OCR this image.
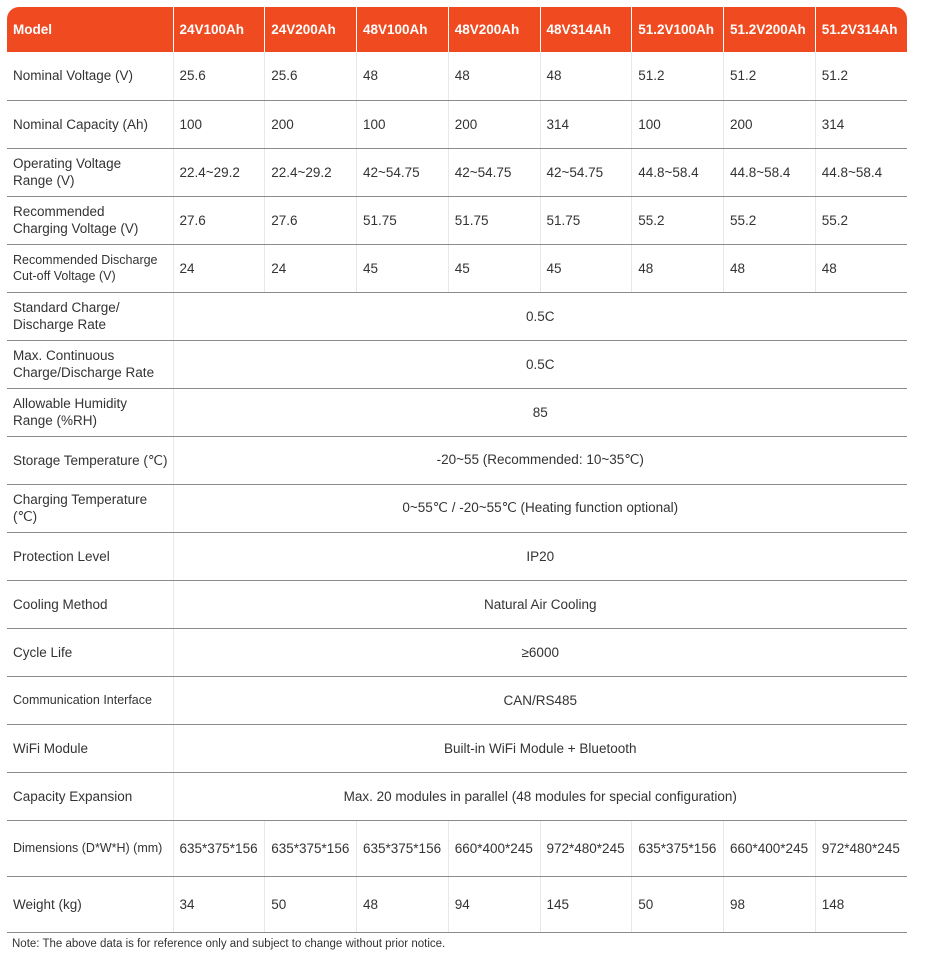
Model	24V100Ah	24V200Ah	48V100Ah	48V200Ah	48V314Ah	51.2V100Ah	51.2V200Ah	51.2V314Ah
Nominal Voltage (V)	25.6	25.6	48	48	48	51.2	51.2	51.2
Nominal Capacity (Ah)	100	200	100	200	314	100	200	314
Operating Voltage
Range (V)	22.4~29.2	22.4~29.2	42~54.75	42~54.75	42~54.75	44.8~58.4	44.8~58.4	44.8~58.4
Recommended
Charging Voltage (V)	27.6	27.6	51.75	51.75	51.75	55.2	55.2	55.2
Recommended Discharge
Cut-off Voltage (V)	24	24	45	45	45	48	48	48
Standard Charge/
Discharge Rate	0.5C							
Max. Continuous
Charge/Discharge Rate	0.5C							
Allowable Humidity
Range (%RH)	85							
Storage Temperature (℃)	-20~55 (Recommended: 10~35℃)							
Charging Temperature (℃)	0~55℃ / -20~55℃ (Heating function optional)							
Protection Level	IP20							
Cooling Method	Natural Air Cooling							
Cycle Life	≥6000							
Communication Interface	CAN/RS485							
WiFi Module	Built-in WiFi Module + Bluetooth							
Capacity Expansion	Max. 20 modules in parallel (48 modules for special configuration)							
Dimensions (D*W*H) (mm)	635*375*156	635*375*156	635*375*156	660*400*245	972*480*245	635*375*156	660*400*245	972*480*245
Weight (kg)	34	50	48	94	145	50	98	148
Note: The above data is for reference only and subject to change without prior notice.
